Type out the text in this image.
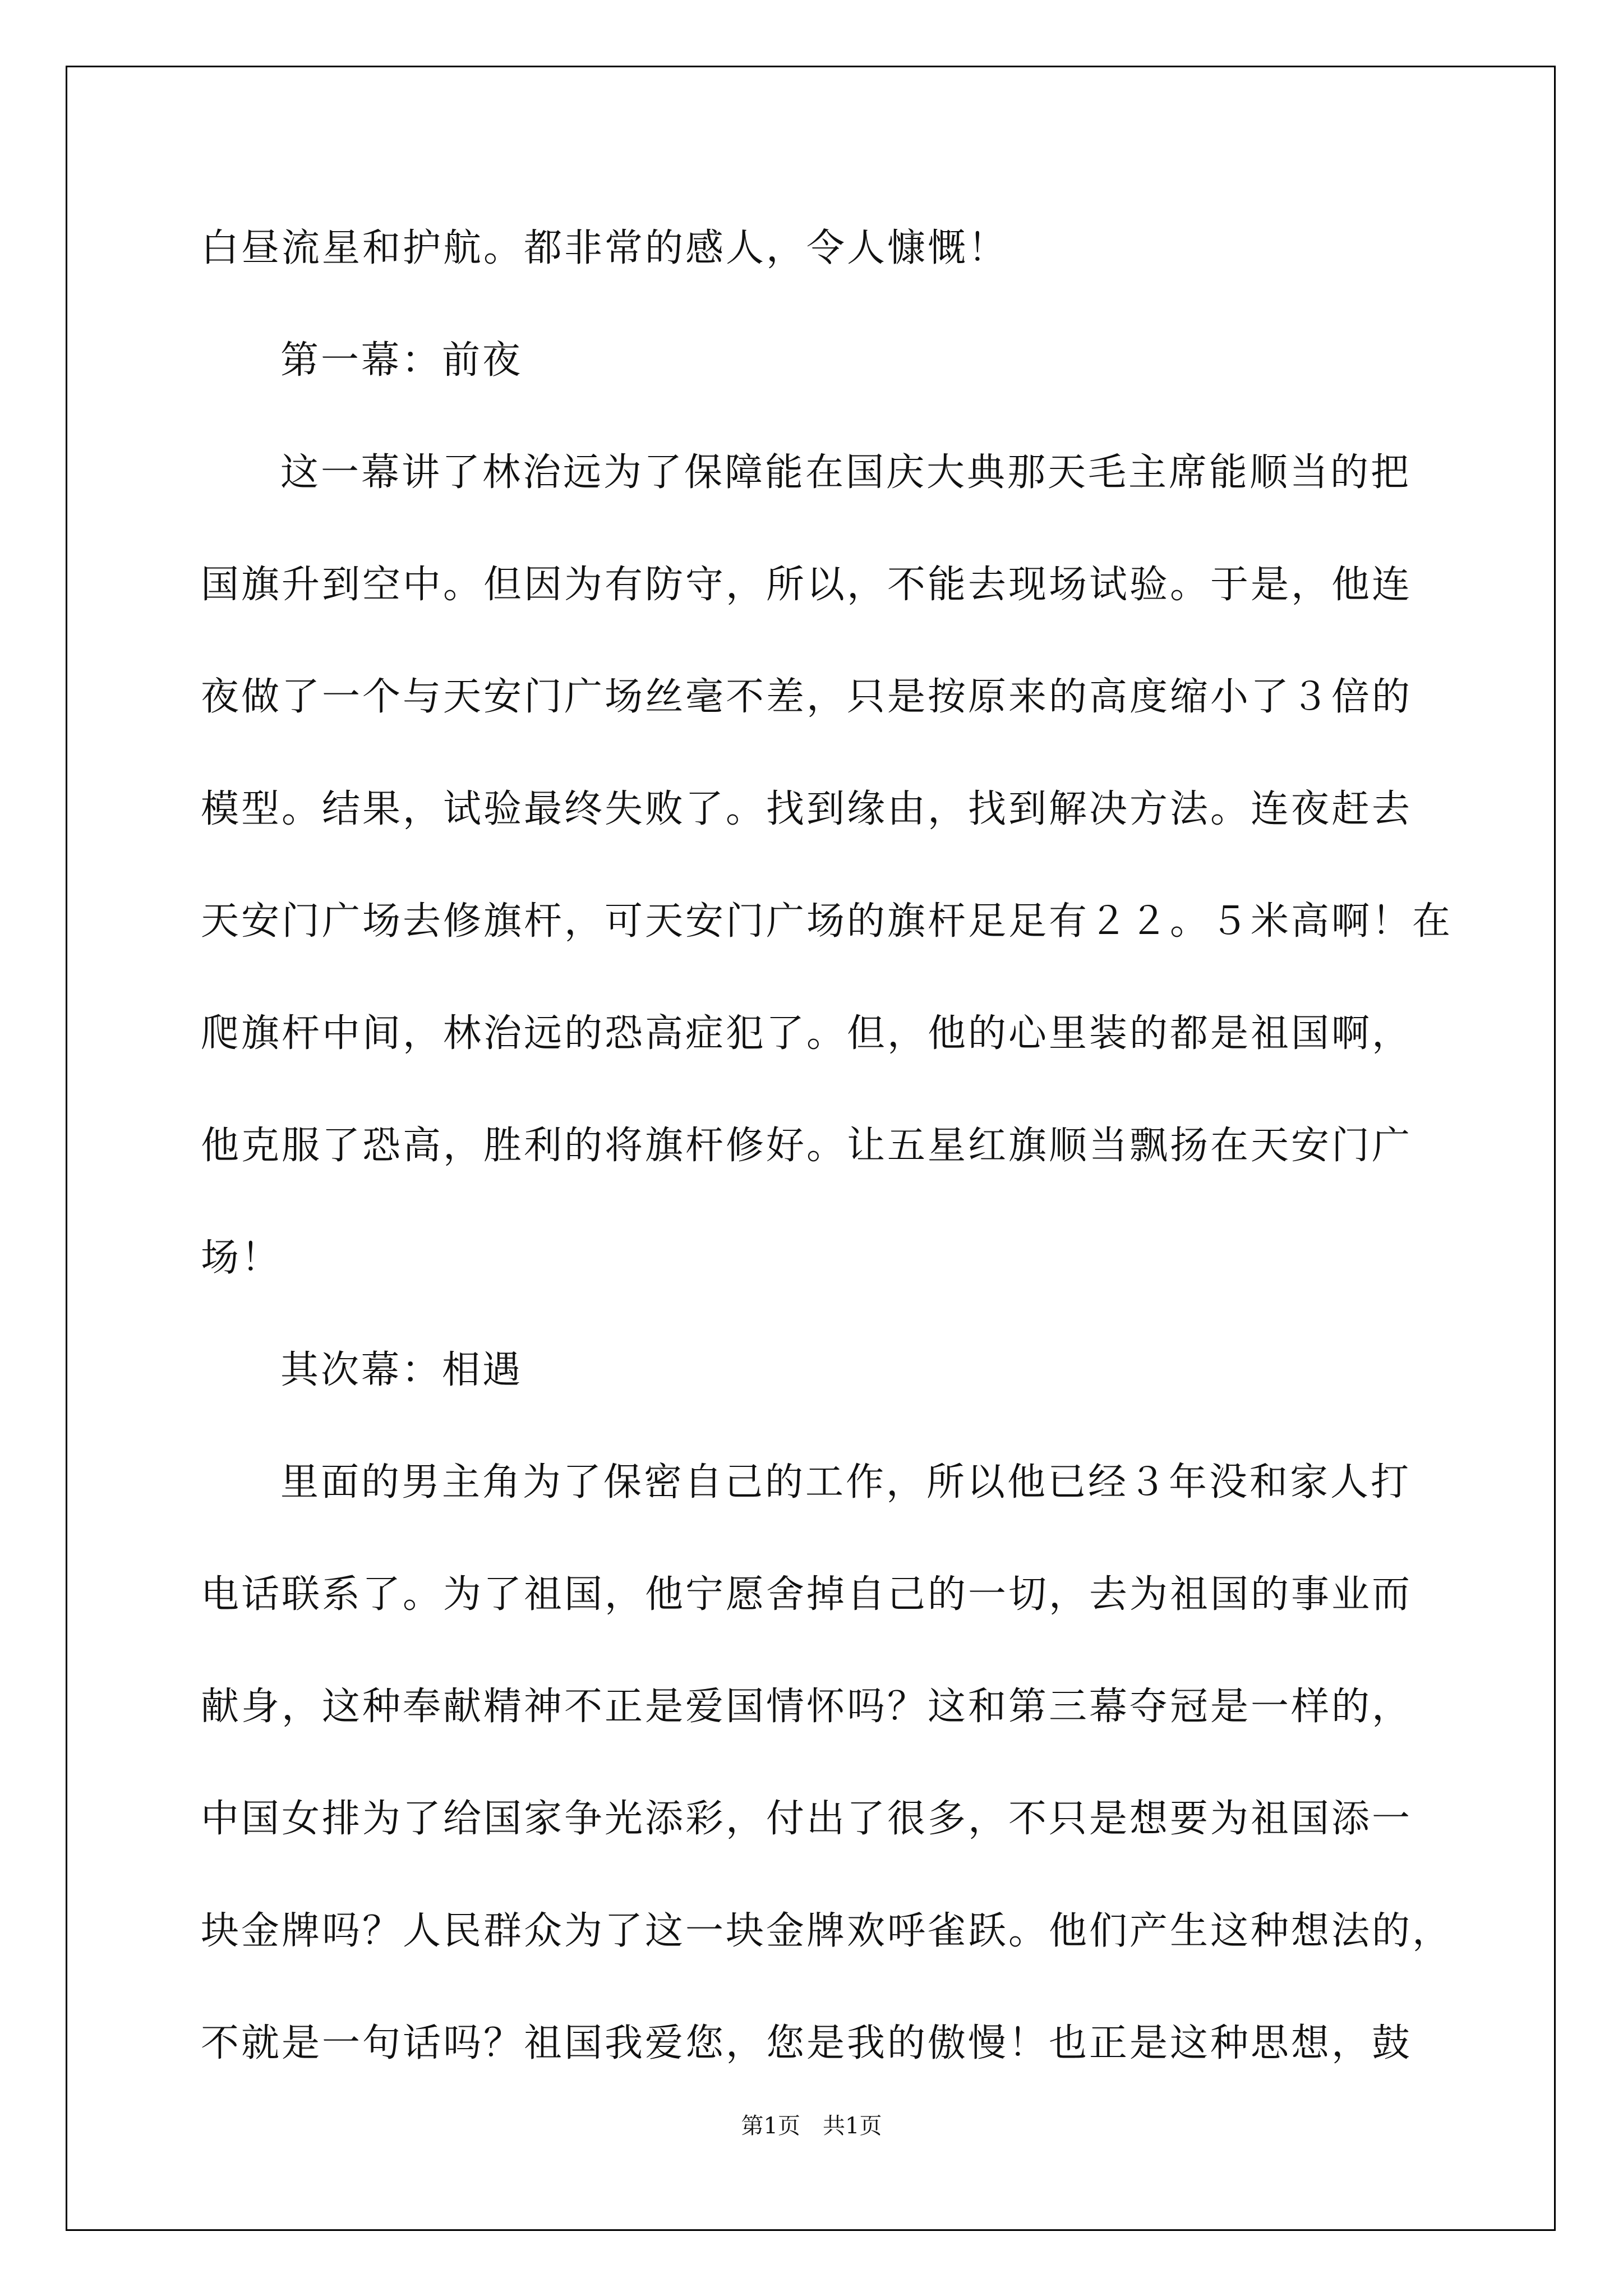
白昼流星和护航。都非常的感人，令人慷慨！
第一幕：前夜
这一幕讲了林治远为了保障能在国庆大典那天毛主席能顺当的把
国旗升到空中。但因为有防守，所以，不能去现场试验。于是，他连
夜做了一个与天安门广场丝毫不差，只是按原来的高度缩小了３倍的
模型。结果，试验最终失败了。找到缘由，找到解决方法。连夜赶去
天安门广场去修旗杆，可天安门广场的旗杆足足有２２。５米高啊！在
爬旗杆中间，林治远的恐高症犯了。但，他的心里装的都是祖国啊，
他克服了恐高，胜利的将旗杆修好。让五星红旗顺当飘扬在天安门广
场！
其次幕：相遇
里面的男主角为了保密自己的工作，所以他已经３年没和家人打
电话联系了。为了祖国，他宁愿舍掉自己的一切，去为祖国的事业而
献身，这种奉献精神不正是爱国情怀吗？这和第三幕夺冠是一样的，
中国女排为了给国家争光添彩，付出了很多，不只是想要为祖国添一
块金牌吗？人民群众为了这一块金牌欢呼雀跃。他们产生这种想法的，
不就是一句话吗？祖国我爱您，您是我的傲慢！也正是这种思想，鼓
第1页　共1页
